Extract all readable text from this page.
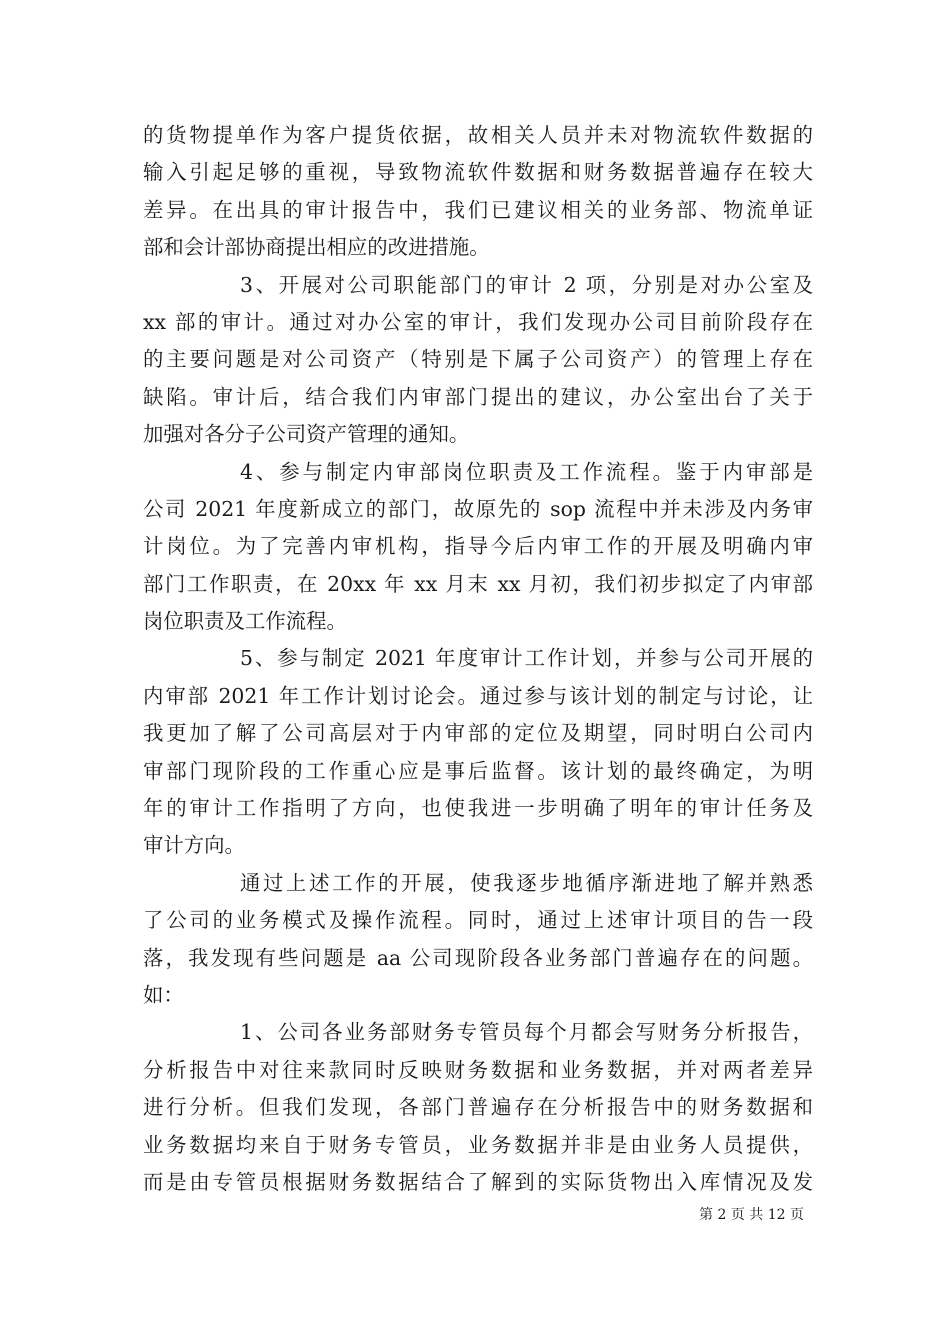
的货物提单作为客户提货依据，故相关人员并未对物流软件数据的
输入引起足够的重视，导致物流软件数据和财务数据普遍存在较大
差异。在出具的审计报告中，我们已建议相关的业务部、物流单证
部和会计部协商提出相应的改进措施。
3、开展对公司职能部门的审计 2 项，分别是对办公室及
xx 部的审计。通过对办公室的审计，我们发现办公司目前阶段存在
的主要问题是对公司资产（特别是下属子公司资产）的管理上存在
缺陷。审计后，结合我们内审部门提出的建议，办公室出台了关于
加强对各分子公司资产管理的通知。
4、参与制定内审部岗位职责及工作流程。鉴于内审部是
公司 2021 年度新成立的部门，故原先的 sop 流程中并未涉及内务审
计岗位。为了完善内审机构，指导今后内审工作的开展及明确内审
部门工作职责，在 20xx 年 xx 月末 xx 月初，我们初步拟定了内审部
岗位职责及工作流程。
5、参与制定 2021 年度审计工作计划，并参与公司开展的
内审部 2021 年工作计划讨论会。通过参与该计划的制定与讨论，让
我更加了解了公司高层对于内审部的定位及期望，同时明白公司内
审部门现阶段的工作重心应是事后监督。该计划的最终确定，为明
年的审计工作指明了方向，也使我进一步明确了明年的审计任务及
审计方向。
通过上述工作的开展，使我逐步地循序渐进地了解并熟悉
了公司的业务模式及操作流程。同时，通过上述审计项目的告一段
落，我发现有些问题是 aa 公司现阶段各业务部门普遍存在的问题。
如：
1、公司各业务部财务专管员每个月都会写财务分析报告，
分析报告中对往来款同时反映财务数据和业务数据，并对两者差异
进行分析。但我们发现，各部门普遍存在分析报告中的财务数据和
业务数据均来自于财务专管员，业务数据并非是由业务人员提供，
而是由专管员根据财务数据结合了解到的实际货物出入库情况及发
第 2 页 共 12 页
